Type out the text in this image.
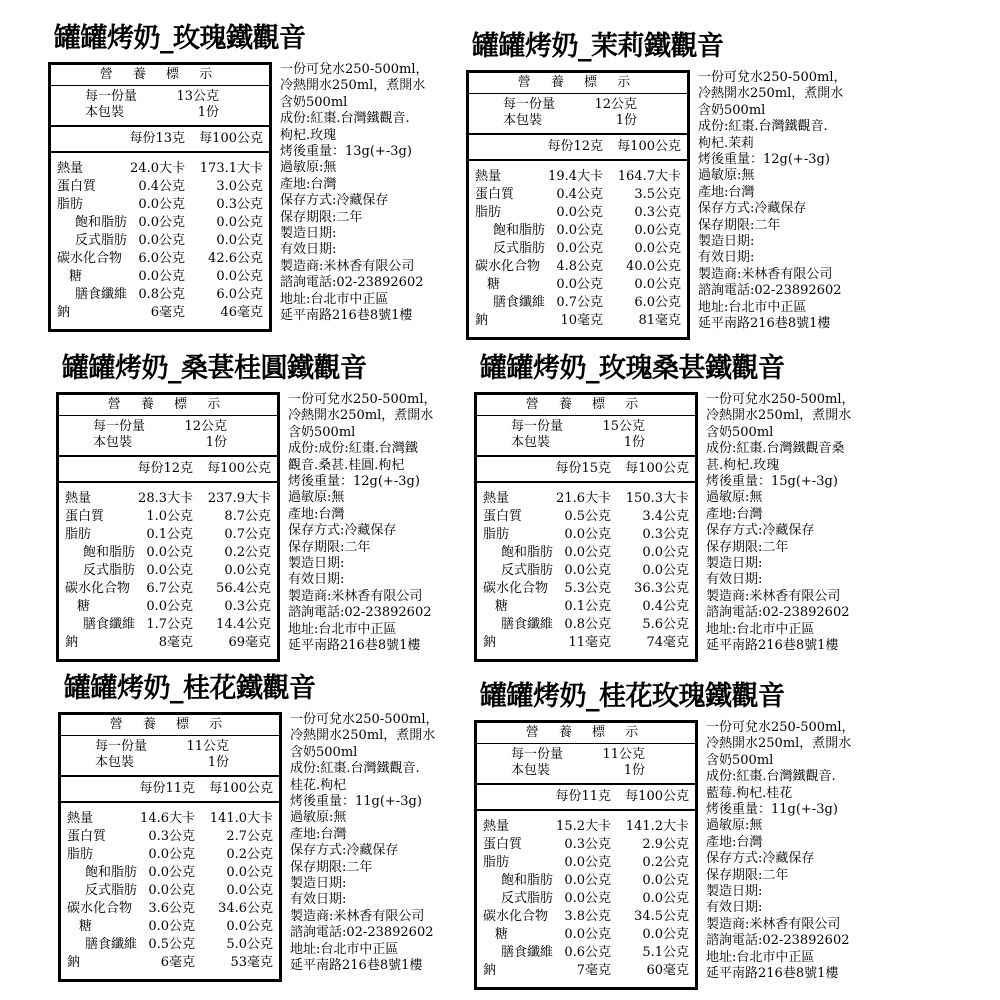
罐罐烤奶_玫瑰鐵觀音
營 養 標 示
每一份量	13公克
本包裝	1份
每份13克 每100公克
熱量	24.0大卡 173.1大卡
蛋白質	0.4公克 3.0公克
脂肪	0.0公克 0.3公克
飽和脂肪 0.0公克 0.0公克
反式脂肪 0.0公克 0.0公克
碳水化合物 6.0公克 42.6公克
糖	0.0公克 0.0公克
膳食纖維 0.8公克 6.0公克
鈉	6毫克	46毫克
一份可兌水250-500ml，
冷熱開水250ml，煮開水
含奶500ml
成份:紅棗.台灣鐵觀音.
枸杞.玫瑰
烤後重量：13g(+-3g)
過敏原:無
產地:台灣
保存方式:冷藏保存
保存期限:二年
製造日期:
有效日期:
製造商:米林香有限公司
諮詢電話:02-23892602
地址:台北市中正區
延平南路216巷8號1樓
罐罐烤奶_茉莉鐵觀音
營 養 標 示
每一份量	12公克
本包裝	1份
每份12克 每100公克
熱量	19.4大卡 164.7大卡
蛋白質	0.4公克 3.5公克
脂肪	0.0公克 0.3公克
飽和脂肪 0.0公克 0.0公克
反式脂肪 0.0公克 0.0公克
碳水化合物 4.8公克 40.0公克
糖	0.0公克 0.0公克
膳食纖維 0.7公克 6.0公克
鈉	10毫克	81毫克
一份可兌水250-500ml，
冷熱開水250ml，煮開水
含奶500ml
成份:紅棗.台灣鐵觀音.
枸杞.茉莉
烤後重量：12g(+-3g)
過敏原:無
產地:台灣
保存方式:冷藏保存
保存期限:二年
製造日期:
有效日期:
製造商:米林香有限公司
諮詢電話:02-23892602
地址:台北市中正區
延平南路216巷8號1樓
罐罐烤奶_桑葚桂圓鐵觀音
營 養 標 示
每一份量	12公克
本包裝	1份
每份12克 每100公克
熱量	28.3大卡 237.9大卡
蛋白質	1.0公克 8.7公克
脂肪	0.1公克 0.7公克
飽和脂肪 0.0公克 0.2公克
反式脂肪 0.0公克 0.0公克
碳水化合物 6.7公克 56.4公克
糖	0.0公克 0.3公克
膳食纖維 1.7公克 14.4公克
鈉	8毫克	69毫克
一份可兌水250-500ml，
冷熱開水250ml，煮開水
含奶500ml
成份:成份:紅棗.台灣鐵
觀音.桑甚.桂圓.枸杞
烤後重量：12g(+-3g)
過敏原:無
產地:台灣
保存方式:冷藏保存
保存期限:二年
製造日期:
有效日期:
製造商:米林香有限公司
諮詢電話:02-23892602
地址:台北市中正區
延平南路216巷8號1樓
罐罐烤奶_玫瑰桑甚鐵觀音
營 養 標 示
每一份量	15公克
本包裝	1份
每份15克 每100公克
熱量	21.6大卡 150.3大卡
蛋白質	0.5公克 3.4公克
脂肪	0.0公克 0.3公克
飽和脂肪 0.0公克 0.0公克
反式脂肪 0.0公克 0.0公克
碳水化合物 5.3公克 36.3公克
糖	0.1公克 0.4公克
膳食纖維 0.8公克 5.6公克
鈉	11毫克	74毫克
一份可兌水250-500ml，
冷熱開水250ml，煮開水
含奶500ml
成份:紅棗.台灣鐵觀音桑
甚.枸杞.玫瑰
烤後重量：15g(+-3g)
過敏原:無
產地:台灣
保存方式:冷藏保存
保存期限:二年
製造日期:
有效日期:
製造商:米林香有限公司
諮詢電話:02-23892602
地址:台北市中正區
延平南路216巷8號1樓
罐罐烤奶_桂花鐵觀音
營 養 標 示
每一份量	11公克
本包裝	1份
每份11克 每100公克
熱量	14.6大卡 141.0大卡
蛋白質	0.3公克 2.7公克
脂肪	0.0公克 0.2公克
飽和脂肪 0.0公克 0.0公克
反式脂肪 0.0公克 0.0公克
碳水化合物 3.6公克 34.6公克
糖	0.0公克 0.0公克
膳食纖維 0.5公克 5.0公克
鈉	6毫克	53毫克
一份可兌水250-500ml，
冷熱開水250ml，煮開水
含奶500ml
成份:紅棗.台灣鐵觀音.
桂花.枸杞
烤後重量：11g(+-3g)
過敏原:無
產地:台灣
保存方式:冷藏保存
保存期限:二年
製造日期:
有效日期:
製造商:米林香有限公司
諮詢電話:02-23892602
地址:台北市中正區
延平南路216巷8號1樓
罐罐烤奶_桂花玫瑰鐵觀音
營 養 標 示
每一份量	11公克
本包裝	1份
每份11克 每100公克
熱量	15.2大卡 141.2大卡
蛋白質	0.3公克 2.9公克
脂肪	0.0公克 0.2公克
飽和脂肪 0.0公克 0.0公克
反式脂肪 0.0公克 0.0公克
碳水化合物 3.8公克 34.5公克
糖	0.0公克 0.0公克
膳食纖維 0.6公克 5.1公克
鈉	7毫克	60毫克
一份可兌水250-500ml，
冷熱開水250ml，煮開水
含奶500ml
成份:紅棗.台灣鐵觀音.
藍莓.枸杞.桂花
烤後重量：11g(+-3g)
過敏原:無
產地:台灣
保存方式:冷藏保存
保存期限:二年
製造日期:
有效日期:
製造商:米林香有限公司
諮詢電話:02-23892602
地址:台北市中正區
延平南路216巷8號1樓
